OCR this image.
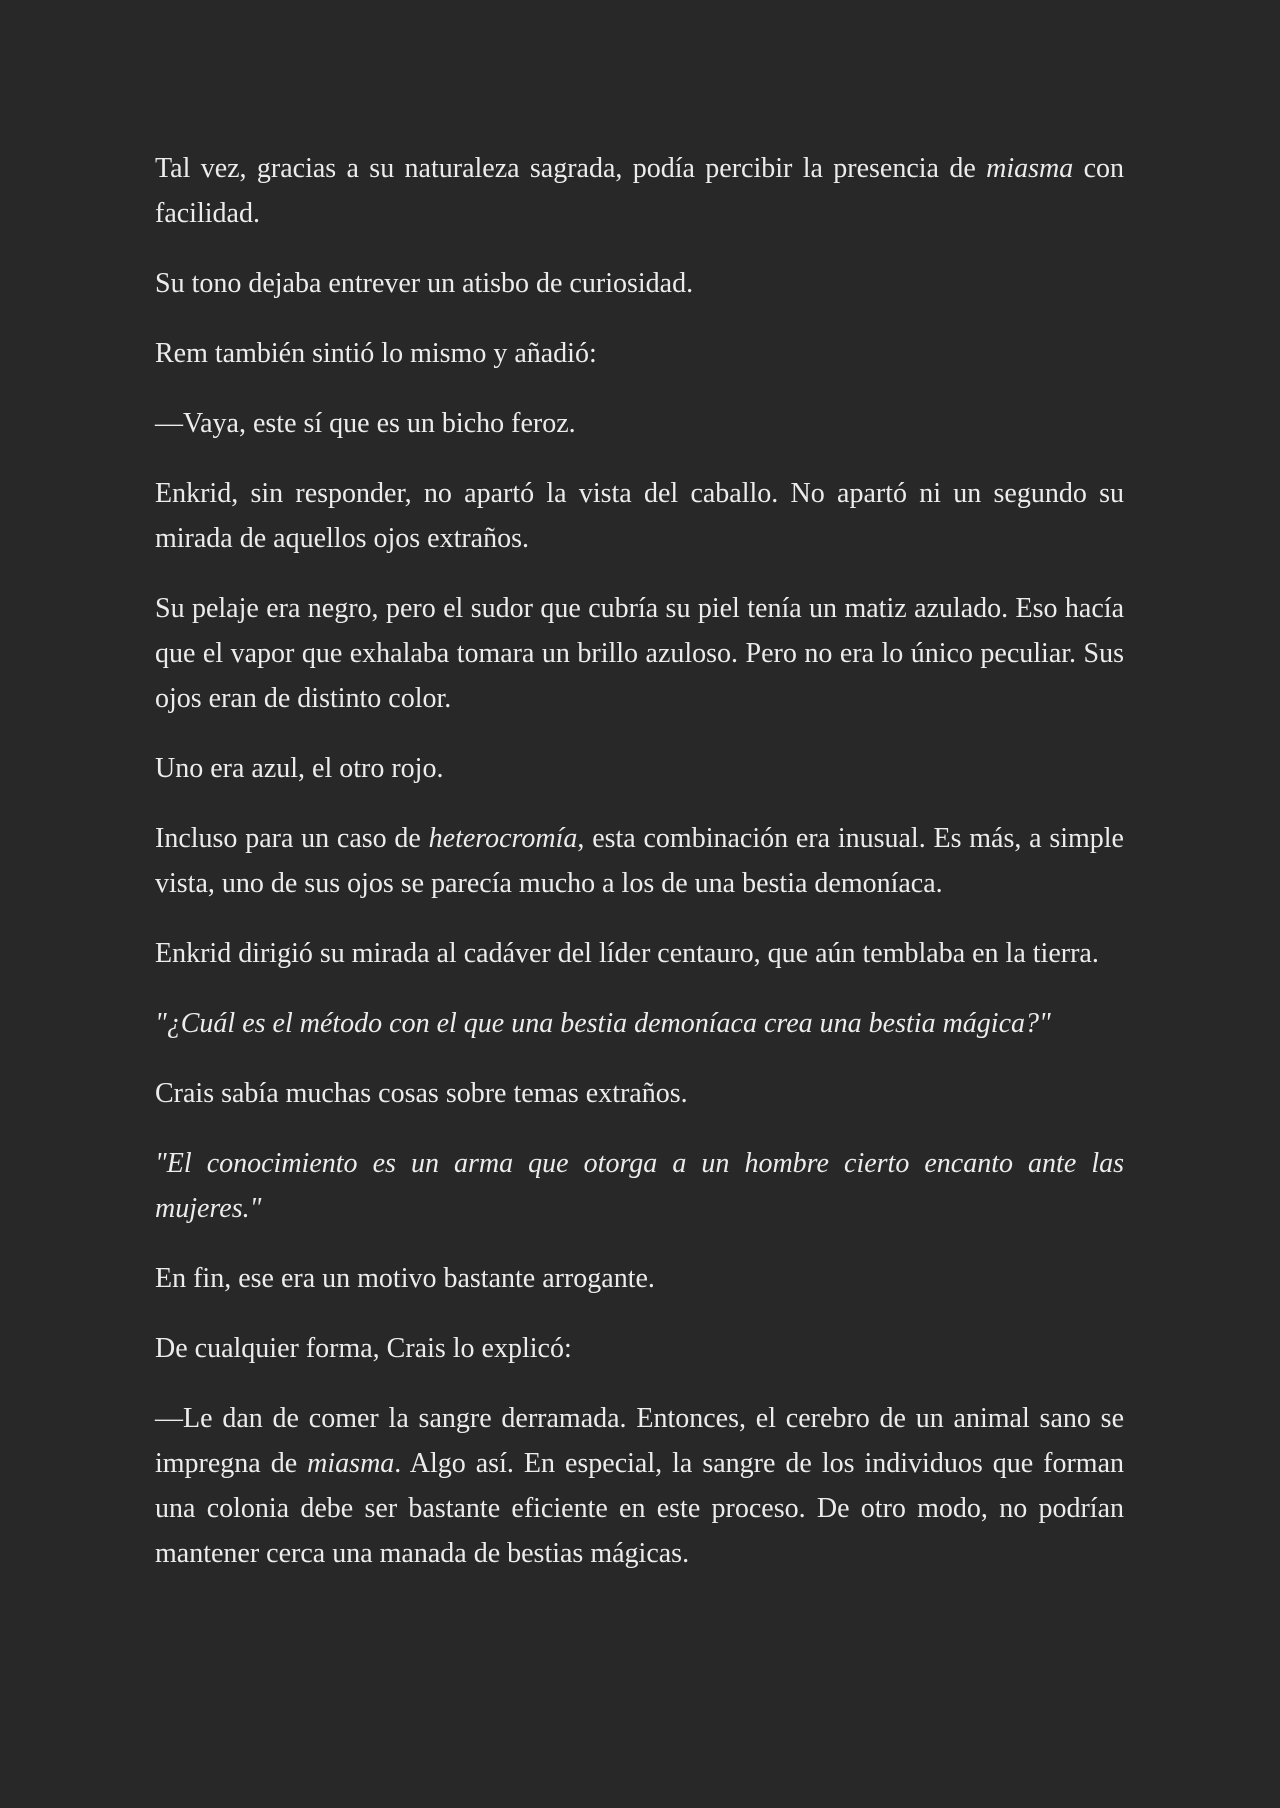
Tal vez, gracias a su naturaleza sagrada, podía percibir la presencia de miasma con facilidad.

Su tono dejaba entrever un atisbo de curiosidad.

Rem también sintió lo mismo y añadió:

—Vaya, este sí que es un bicho feroz.

Enkrid, sin responder, no apartó la vista del caballo. No apartó ni un segundo su mirada de aquellos ojos extraños.

Su pelaje era negro, pero el sudor que cubría su piel tenía un matiz azulado. Eso hacía que el vapor que exhalaba tomara un brillo azuloso. Pero no era lo único peculiar. Sus ojos eran de distinto color.

Uno era azul, el otro rojo.

Incluso para un caso de heterocromía, esta combinación era inusual. Es más, a simple vista, uno de sus ojos se parecía mucho a los de una bestia demoníaca.

Enkrid dirigió su mirada al cadáver del líder centauro, que aún temblaba en la tierra.

"¿Cuál es el método con el que una bestia demoníaca crea una bestia mágica?"

Crais sabía muchas cosas sobre temas extraños.

"El conocimiento es un arma que otorga a un hombre cierto encanto ante las mujeres."

En fin, ese era un motivo bastante arrogante.

De cualquier forma, Crais lo explicó:

—Le dan de comer la sangre derramada. Entonces, el cerebro de un animal sano se impregna de miasma. Algo así. En especial, la sangre de los individuos que forman una colonia debe ser bastante eficiente en este proceso. De otro modo, no podrían mantener cerca una manada de bestias mágicas.
